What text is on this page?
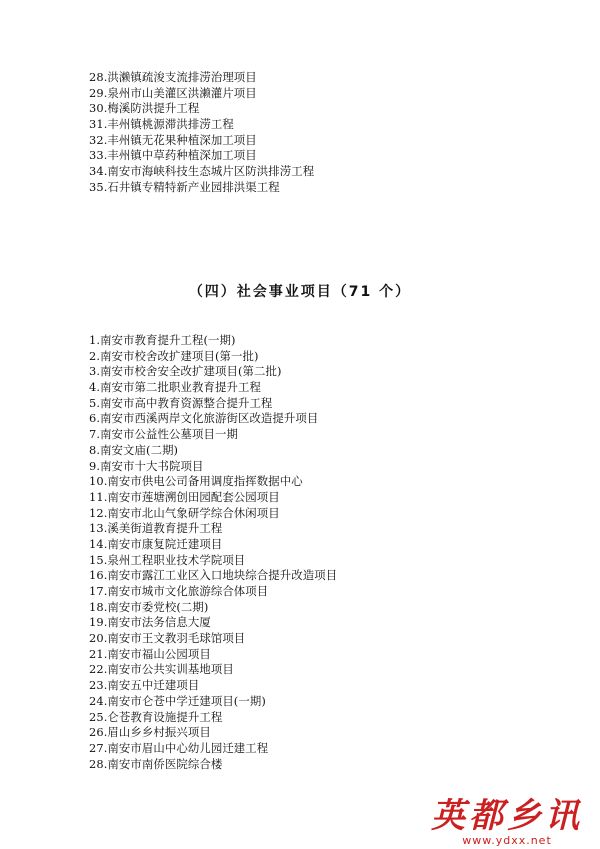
28.洪濑镇疏浚支流排涝治理项目
29.泉州市山美灌区洪濑灌片项目
30.梅溪防洪提升工程
31.丰州镇桃源滞洪排涝工程
32.丰州镇无花果种植深加工项目
33.丰州镇中草药种植深加工项目
34.南安市海峡科技生态城片区防洪排涝工程
35.石井镇专精特新产业园排洪渠工程
（四）社会事业项目（71 个）
1.南安市教育提升工程(一期)
2.南安市校舍改扩建项目(第一批)
3.南安市校舍安全改扩建项目(第二批)
4.南安市第二批职业教育提升工程
5.南安市高中教育资源整合提升工程
6.南安市西溪两岸文化旅游街区改造提升项目
7.南安市公益性公墓项目一期
8.南安文庙(二期)
9.南安市十大书院项目
10.南安市供电公司备用调度指挥数据中心
11.南安市莲塘溯创田园配套公园项目
12.南安市北山气象研学综合休闲项目
13.溪美街道教育提升工程
14.南安市康复院迁建项目
15.泉州工程职业技术学院项目
16.南安市露江工业区入口地块综合提升改造项目
17.南安市城市文化旅游综合体项目
18.南安市委党校(二期)
19.南安市法务信息大厦
20.南安市王文教羽毛球馆项目
21.南安市福山公园项目
22.南安市公共实训基地项目
23.南安五中迁建项目
24.南安市仑苍中学迁建项目(一期)
25.仑苍教育设施提升工程
26.眉山乡乡村振兴项目
27.南安市眉山中心幼儿园迁建工程
28.南安市南侨医院综合楼
英都乡讯
www.ydxx.net
